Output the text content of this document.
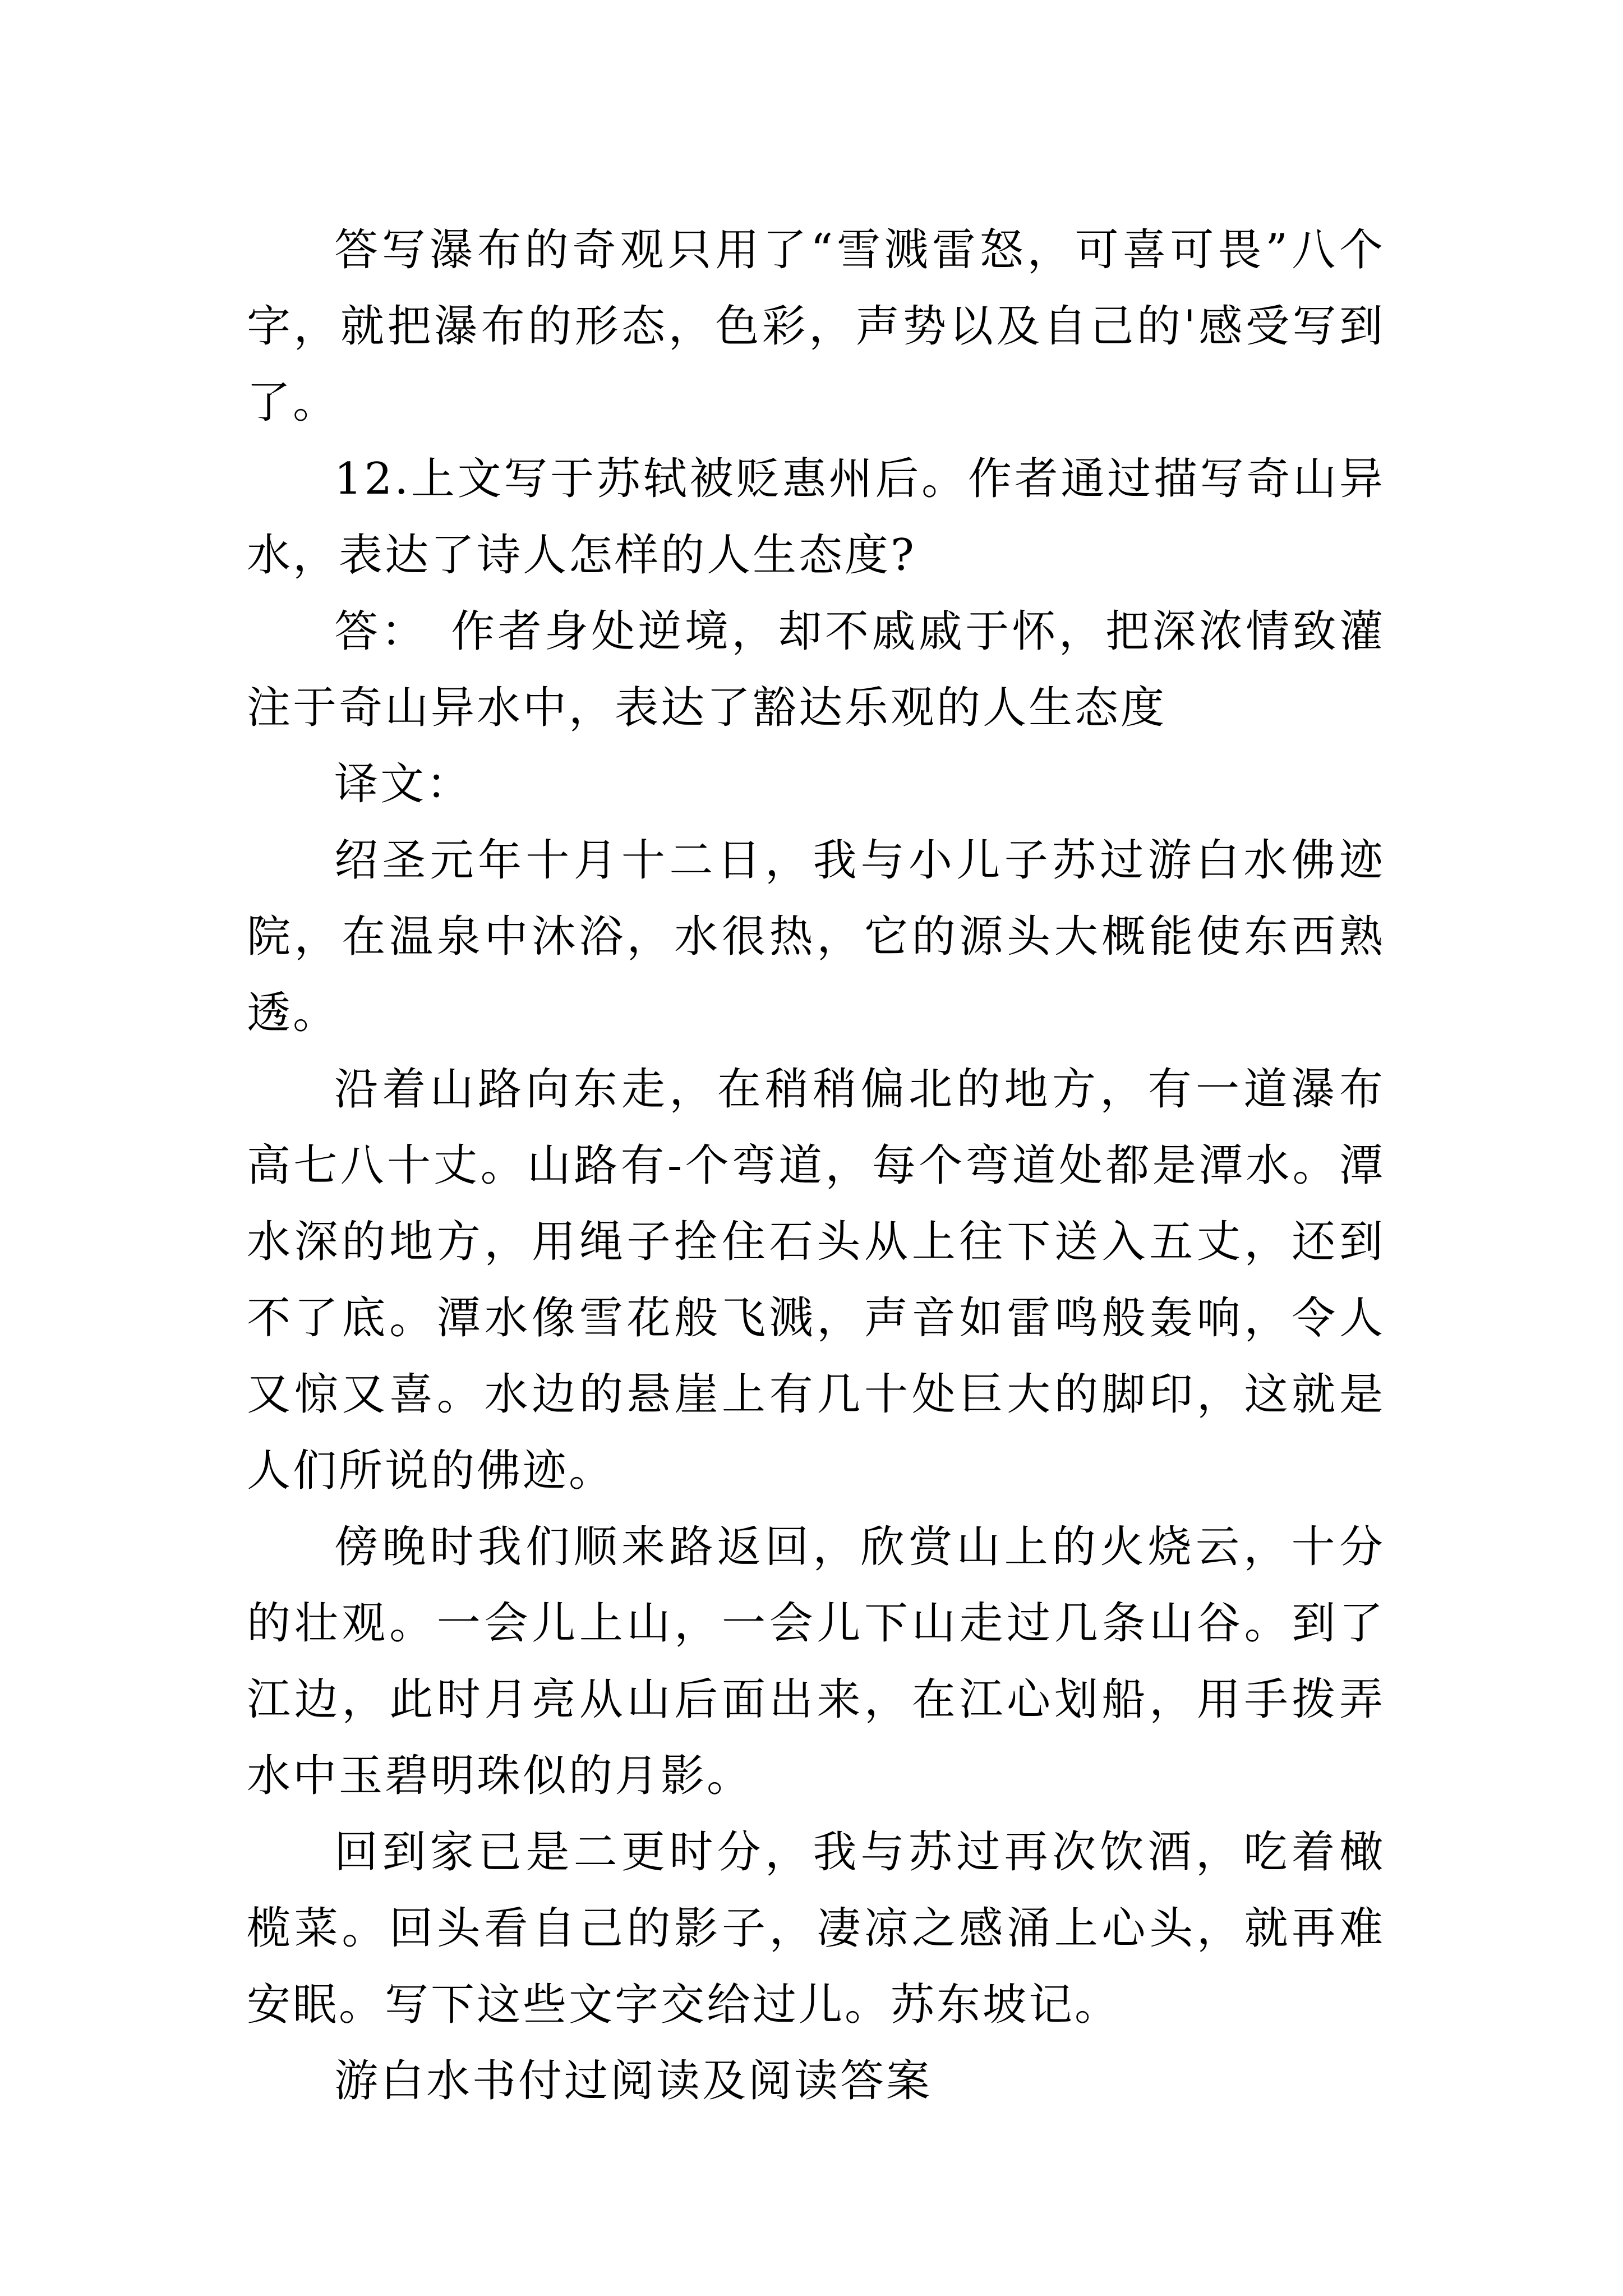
答写瀑布的奇观只用了“雪溅雷怒，可喜可畏”八个字，就把瀑布的形态，色彩，声势以及自己的'感受写到了。

12.上文写于苏轼被贬惠州后。作者通过描写奇山异水，表达了诗人怎样的人生态度?

答： 作者身处逆境，却不戚戚于怀，把深浓情致灌注于奇山异水中，表达了豁达乐观的人生态度

译文：

绍圣元年十月十二日，我与小儿子苏过游白水佛迹院，在温泉中沐浴，水很热，它的源头大概能使东西熟透。

沿着山路向东走，在稍稍偏北的地方，有一道瀑布高七八十丈。山路有-个弯道，每个弯道处都是潭水。潭水深的地方，用绳子拴住石头从上往下送入五丈，还到不了底。潭水像雪花般飞溅，声音如雷鸣般轰响，令人又惊又喜。水边的悬崖上有几十处巨大的脚印，这就是人们所说的佛迹。

傍晚时我们顺来路返回，欣赏山上的火烧云，十分的壮观。一会儿上山，一会儿下山走过几条山谷。到了江边，此时月亮从山后面出来，在江心划船，用手拨弄水中玉碧明珠似的月影。

回到家已是二更时分，我与苏过再次饮酒，吃着橄榄菜。回头看自己的影子，凄凉之感涌上心头，就再难安眠。写下这些文字交给过儿。苏东坡记。

游白水书付过阅读及阅读答案
